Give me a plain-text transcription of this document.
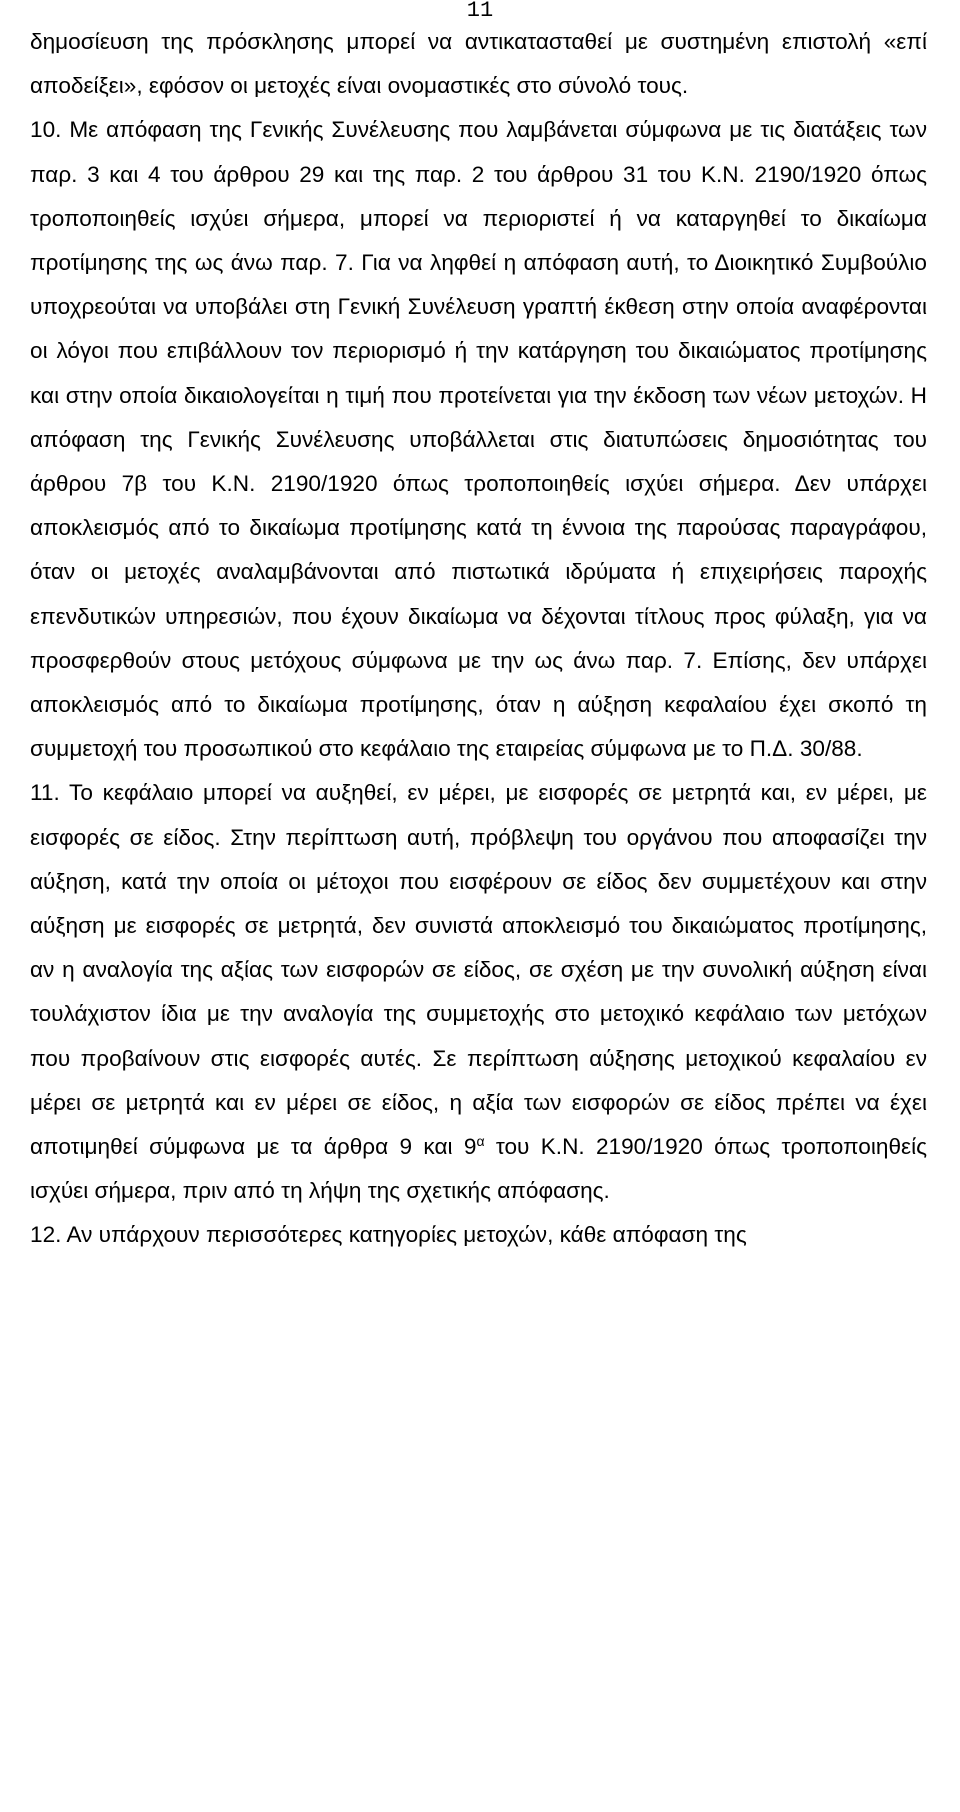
11

δημοσίευση της πρόσκλησης μπορεί να αντικατασταθεί με συστημένη επιστολή «επί αποδείξει», εφόσον οι μετοχές είναι ονομαστικές στο σύνολό τους.

10. Με απόφαση της Γενικής Συνέλευσης που λαμβάνεται σύμφωνα με τις διατάξεις των παρ. 3 και 4 του άρθρου 29 και της παρ. 2 του άρθρου 31 του Κ.Ν. 2190/1920 όπως τροποποιηθείς ισχύει σήμερα, μπορεί να περιοριστεί ή να καταργηθεί το δικαίωμα προτίμησης της ως άνω παρ. 7. Για να ληφθεί η απόφαση αυτή, το Διοικητικό Συμβούλιο υποχρεούται να υποβάλει στη Γενική Συνέλευση γραπτή έκθεση στην οποία αναφέρονται οι λόγοι που επιβάλλουν τον περιορισμό ή την κατάργηση του δικαιώματος προτίμησης και στην οποία δικαιολογείται η τιμή που προτείνεται για την έκδοση των νέων μετοχών. Η απόφαση της Γενικής Συνέλευσης υποβάλλεται στις διατυπώσεις δημοσιότητας του άρθρου 7β του Κ.Ν. 2190/1920 όπως τροποποιηθείς ισχύει σήμερα. Δεν υπάρχει αποκλεισμός από το δικαίωμα προτίμησης κατά τη έννοια της παρούσας παραγράφου, όταν οι μετοχές αναλαμβάνονται από πιστωτικά ιδρύματα ή επιχειρήσεις παροχής επενδυτικών υπηρεσιών, που έχουν δικαίωμα να δέχονται τίτλους προς φύλαξη, για να προσφερθούν στους μετόχους σύμφωνα με την ως άνω παρ. 7. Επίσης, δεν υπάρχει αποκλεισμός από το δικαίωμα προτίμησης, όταν η αύξηση κεφαλαίου έχει σκοπό τη συμμετοχή του προσωπικού στο κεφάλαιο της εταιρείας σύμφωνα με το Π.Δ. 30/88.

11. Το κεφάλαιο μπορεί να αυξηθεί, εν μέρει, με εισφορές σε μετρητά και, εν μέρει, με εισφορές σε είδος. Στην περίπτωση αυτή, πρόβλεψη του οργάνου που αποφασίζει την αύξηση, κατά την οποία οι μέτοχοι που εισφέρουν σε είδος δεν συμμετέχουν και στην αύξηση με εισφορές σε μετρητά, δεν συνιστά αποκλεισμό του δικαιώματος προτίμησης, αν η αναλογία της αξίας των εισφορών σε είδος, σε σχέση με την συνολική αύξηση είναι τουλάχιστον ίδια με την αναλογία της συμμετοχής στο μετοχικό κεφάλαιο των μετόχων που προβαίνουν στις εισφορές αυτές. Σε περίπτωση αύξησης μετοχικού κεφαλαίου εν μέρει σε μετρητά και εν μέρει σε είδος, η αξία των εισφορών σε είδος πρέπει να έχει αποτιμηθεί σύμφωνα με τα άρθρα 9 και $9^\alpha$ του Κ.Ν. 2190/1920 όπως τροποποιηθείς ισχύει σήμερα, πριν από τη λήψη της σχετικής απόφασης.

12. Αν υπάρχουν περισσότερες κατηγορίες μετοχών, κάθε απόφαση της
